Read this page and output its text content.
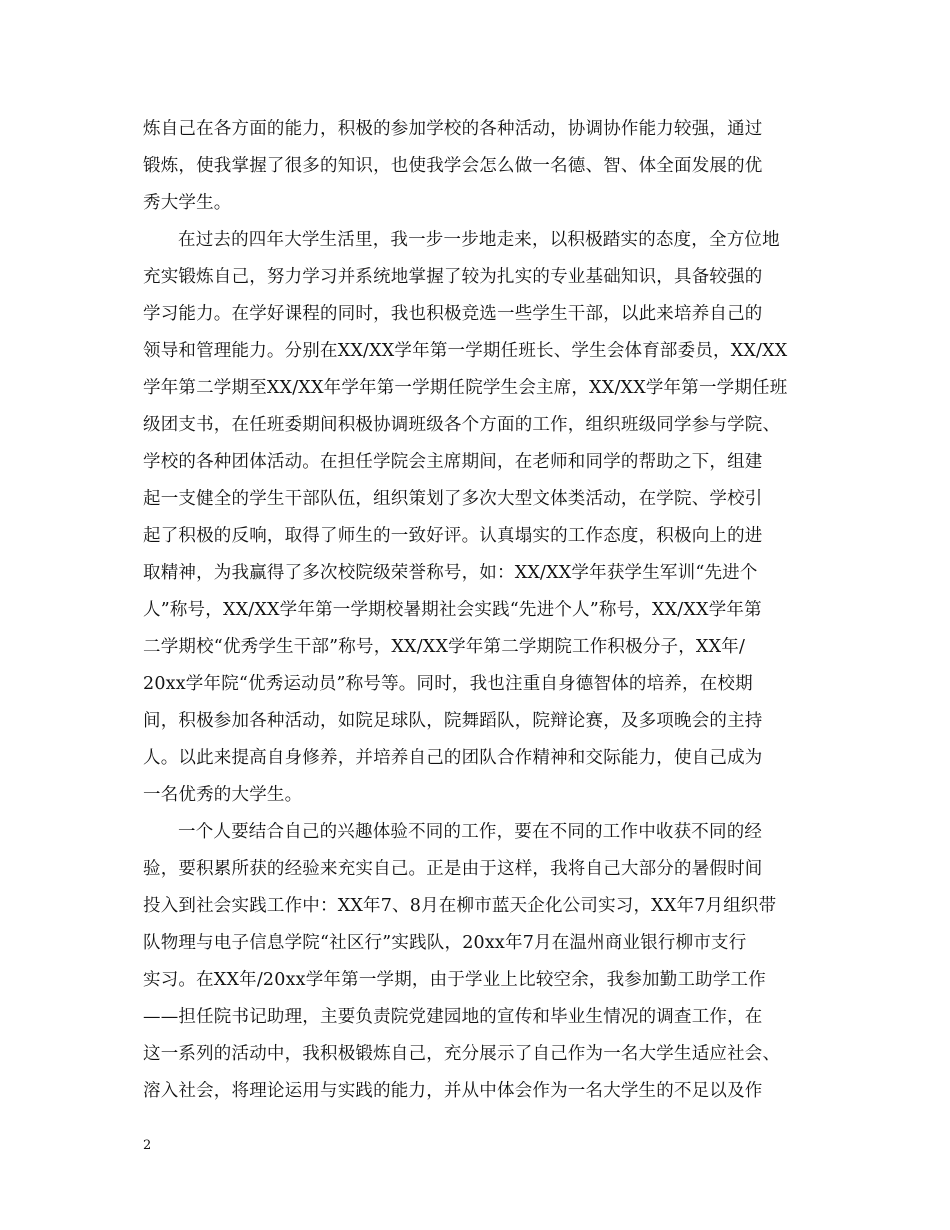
炼自己在各方面的能力，积极的参加学校的各种活动，协调协作能力较强，通过
锻炼，使我掌握了很多的知识，也使我学会怎么做一名德、智、体全面发展的优
秀大学生。
在过去的四年大学生活里，我一步一步地走来，以积极踏实的态度，全方位地
充实锻炼自己，努力学习并系统地掌握了较为扎实的专业基础知识，具备较强的
学习能力。在学好课程的同时，我也积极竞选一些学生干部，以此来培养自己的
领导和管理能力。分别在XX/XX学年第一学期任班长、学生会体育部委员，XX/XX
学年第二学期至XX/XX年学年第一学期任院学生会主席，XX/XX学年第一学期任班
级团支书，在任班委期间积极协调班级各个方面的工作，组织班级同学参与学院、
学校的各种团体活动。在担任学院会主席期间，在老师和同学的帮助之下，组建
起一支健全的学生干部队伍，组织策划了多次大型文体类活动，在学院、学校引
起了积极的反响，取得了师生的一致好评。认真塌实的工作态度，积极向上的进
取精神，为我赢得了多次校院级荣誉称号，如：XX/XX学年获学生军训“先进个
人”称号，XX/XX学年第一学期校暑期社会实践“先进个人”称号，XX/XX学年第
二学期校“优秀学生干部”称号，XX/XX学年第二学期院工作积极分子，XX年/
20xx学年院“优秀运动员”称号等。同时，我也注重自身德智体的培养，在校期
间，积极参加各种活动，如院足球队，院舞蹈队，院辩论赛，及多项晚会的主持
人。以此来提高自身修养，并培养自己的团队合作精神和交际能力，使自己成为
一名优秀的大学生。
一个人要结合自己的兴趣体验不同的工作，要在不同的工作中收获不同的经
验，要积累所获的经验来充实自己。正是由于这样，我将自己大部分的暑假时间
投入到社会实践工作中：XX年7、8月在柳市蓝天企化公司实习，XX年7月组织带
队物理与电子信息学院“社区行”实践队，20xx年7月在温州商业银行柳市支行
实习。在XX年/20xx学年第一学期，由于学业上比较空余，我参加勤工助学工作
——担任院书记助理，主要负责院党建园地的宣传和毕业生情况的调查工作，在
这一系列的活动中，我积极锻炼自己，充分展示了自己作为一名大学生适应社会、
溶入社会，将理论运用与实践的能力，并从中体会作为一名大学生的不足以及作
2
